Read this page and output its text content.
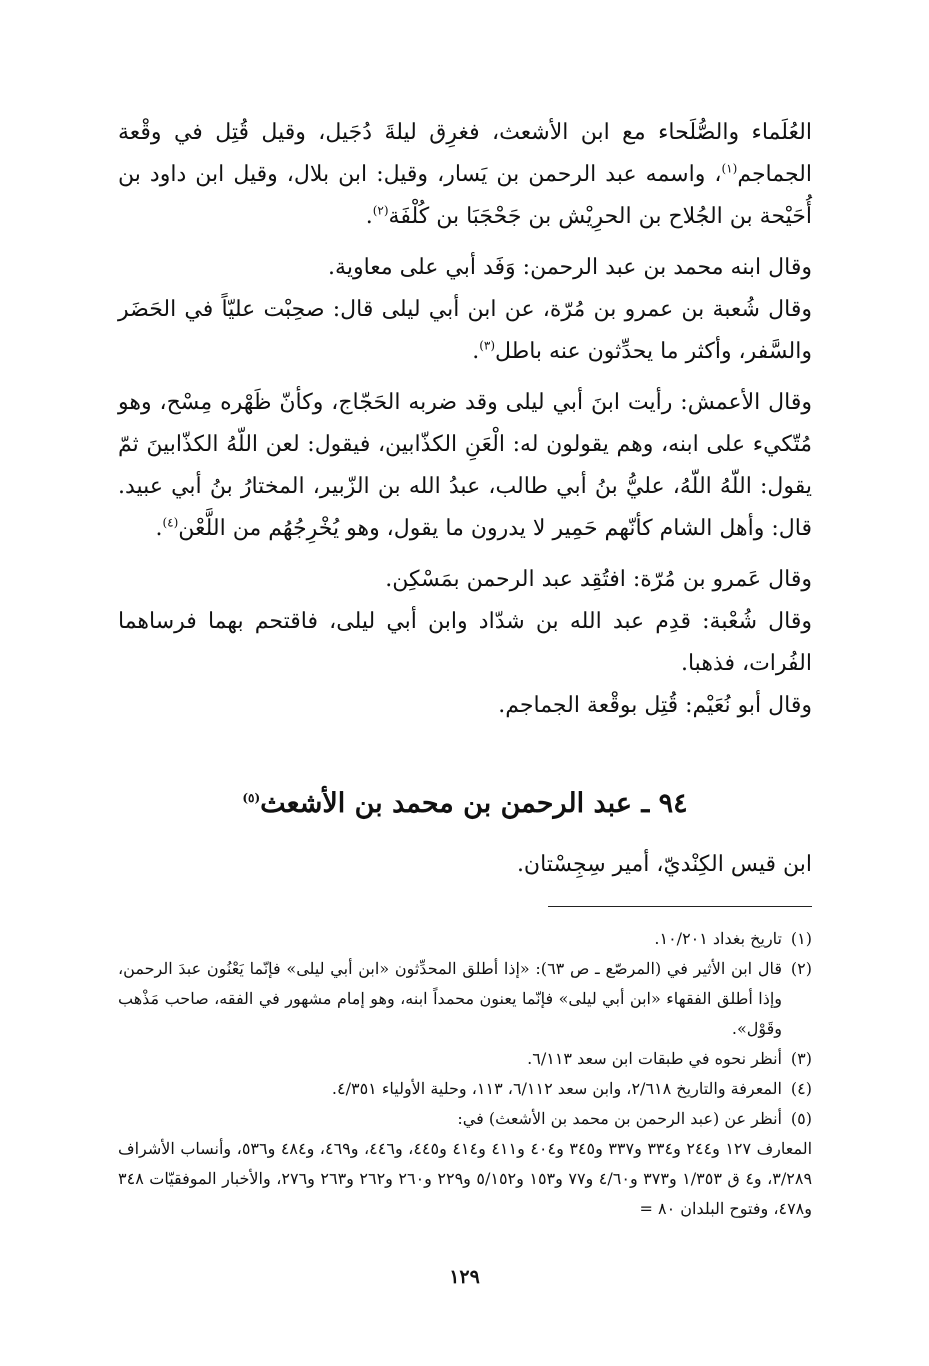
العُلَماء والصُّلَحاء مع ابن الأشعث، فغرِق ليلةَ دُجَيل، وقيل قُتِل في وقْعة الجماجم$^{(١)}$، واسمه عبد الرحمن بن يَسار، وقيل: ابن بلال، وقيل ابن داود بن أُحَيْحة بن الجُلاح بن الحرِيْش بن جَحْجَبَا بن كُلْفَة$^{(٢)}$.

وقال ابنه محمد بن عبد الرحمن: وَفَد أبي على معاوية.

وقال شُعبة بن عمرو بن مُرّة، عن ابن أبي ليلى قال: صحِبْت عليّاً في الحَضَر والسَّفر، وأكثر ما يحدِّثون عنه باطل$^{(٣)}$.

وقال الأعمش: رأيت ابنَ أبي ليلى وقد ضربه الحَجّاج، وكأنّ ظَهْره مِسْح، وهو مُتّكيء على ابنه، وهم يقولون له: الْعَنِ الكذّابين، فيقول: لعن اللّهُ الكذّابينَ ثمّ يقول: اللّهُ اللّهُ، عليُّ بنُ أبي طالب، عبدُ الله بن الزّبير، المختارُ بنُ أبي عبيد. قال: وأهل الشام كأنّهم حَمِير لا يدرون ما يقول، وهو يُخْرِجُهُم من اللَّعْن$^{(٤)}$.

وقال عَمرو بن مُرّة: افتُقِد عبد الرحمن بمَسْكِن.

وقال شُعْبة: قدِم عبد الله بن شدّاد وابن أبي ليلى، فاقتحم بهما فرساهما الفُرات، فذهبا.

وقال أبو نُعَيْم: قُتِل بوقْعة الجماجم.

٩٤ ـ عبد الرحمن بن محمد بن الأشعث$^{(٥)}$
ابن قيس الكِنْديّ، أمير سِجِسْتان.

(١)
تاريخ بغداد ١٠/٢٠١.

(٢)
قال ابن الأثير في (المرصّع ـ ص ٦٣): «إذا أطلق المحدِّثون «ابن أبي ليلى» فإنّما يَعْنُون عبدَ الرحمن، وإذا أطلق الفقهاء «ابن أبي ليلى» فإنّما يعنون محمداً ابنه، وهو إمام مشهور في الفقه، صاحب مَذْهب وقَوْل».

(٣)
أنظر نحوه في طبقات ابن سعد ٦/١١٣.

(٤)
المعرفة والتاريخ ٢/٦١٨، وابن سعد ٦/١١٢، ١١٣، وحلية الأولياء ٤/٣٥١.

(٥)
أنظر عن (عبد الرحمن بن محمد بن الأشعث) في:

المعارف ١٢٧ و٢٤٤ و٣٣٤ و٣٣٧ و٣٤٥ و٤٠٤ و٤١١ و٤١٤ و٤٤٥، و٤٤٦، و٤٦٩، و٤٨٤ و٥٣٦، وأنساب الأشراف ٣/٢٨٩، و٤ ق ١/٣٥٣ و٣٧٣ و٤/٦٠ و٧٧ و١٥٣ و٥/١٥٢ و٢٢٩ و٢٦٠ و٢٦٢ و٢٦٣ و٢٧٦، والأخبار الموفقيّات ٣٤٨ و٤٧٨، وفتوح البلدان ٨٠ =

١٢٩
